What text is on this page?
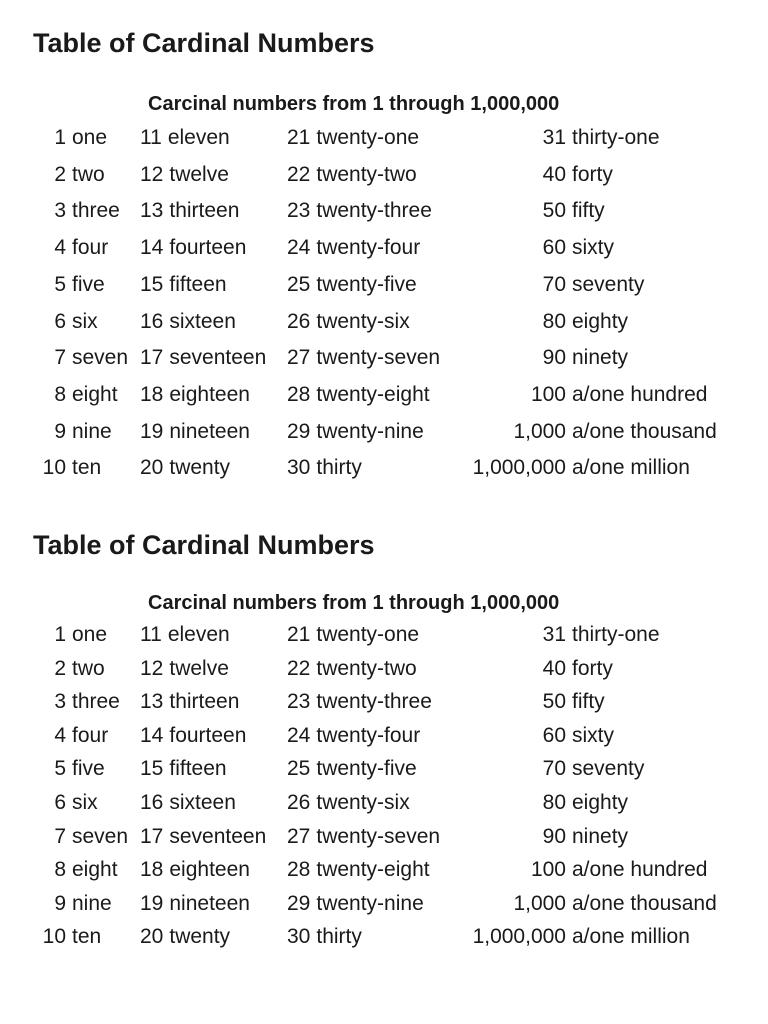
Table of Cardinal Numbers
Carcinal numbers from 1 through 1,000,000
1 one 11 eleven	21 twenty-one	31 thirty-one
2 two 12 twelve	22 twenty-two	40 forty
3 three 13 thirteen 23 twenty-three	50 fifty
4 four 14 fourteen 24 twenty-four	60 sixty
5 five 15 fifteen	25 twenty-five	70 seventy
6 six 16 sixteen 26 twenty-six	80 eighty
7 seven 17 seventeen 27 twenty-seven	90 ninety
8 eight 18 eighteen 28 twenty-eight	100 a/one hundred
9 nine 19 nineteen 29 twenty-nine	1,000 a/one thousand
10 ten 20 twenty	30 thirty	1,000,000 a/one million
Table of Cardinal Numbers
Carcinal numbers from 1 through 1,000,000
1 one 11 eleven	21 twenty-one	31 thirty-one
2 two 12 twelve	22 twenty-two	40 forty
3 three 13 thirteen 23 twenty-three	50 fifty
4 four 14 fourteen 24 twenty-four	60 sixty
5 five 15 fifteen	25 twenty-five	70 seventy
6 six 16 sixteen 26 twenty-six	80 eighty
7 seven 17 seventeen 27 twenty-seven	90 ninety
8 eight 18 eighteen 28 twenty-eight	100 a/one hundred
9 nine 19 nineteen 29 twenty-nine	1,000 a/one thousand
10 ten 20 twenty	30 thirty	1,000,000 a/one million
